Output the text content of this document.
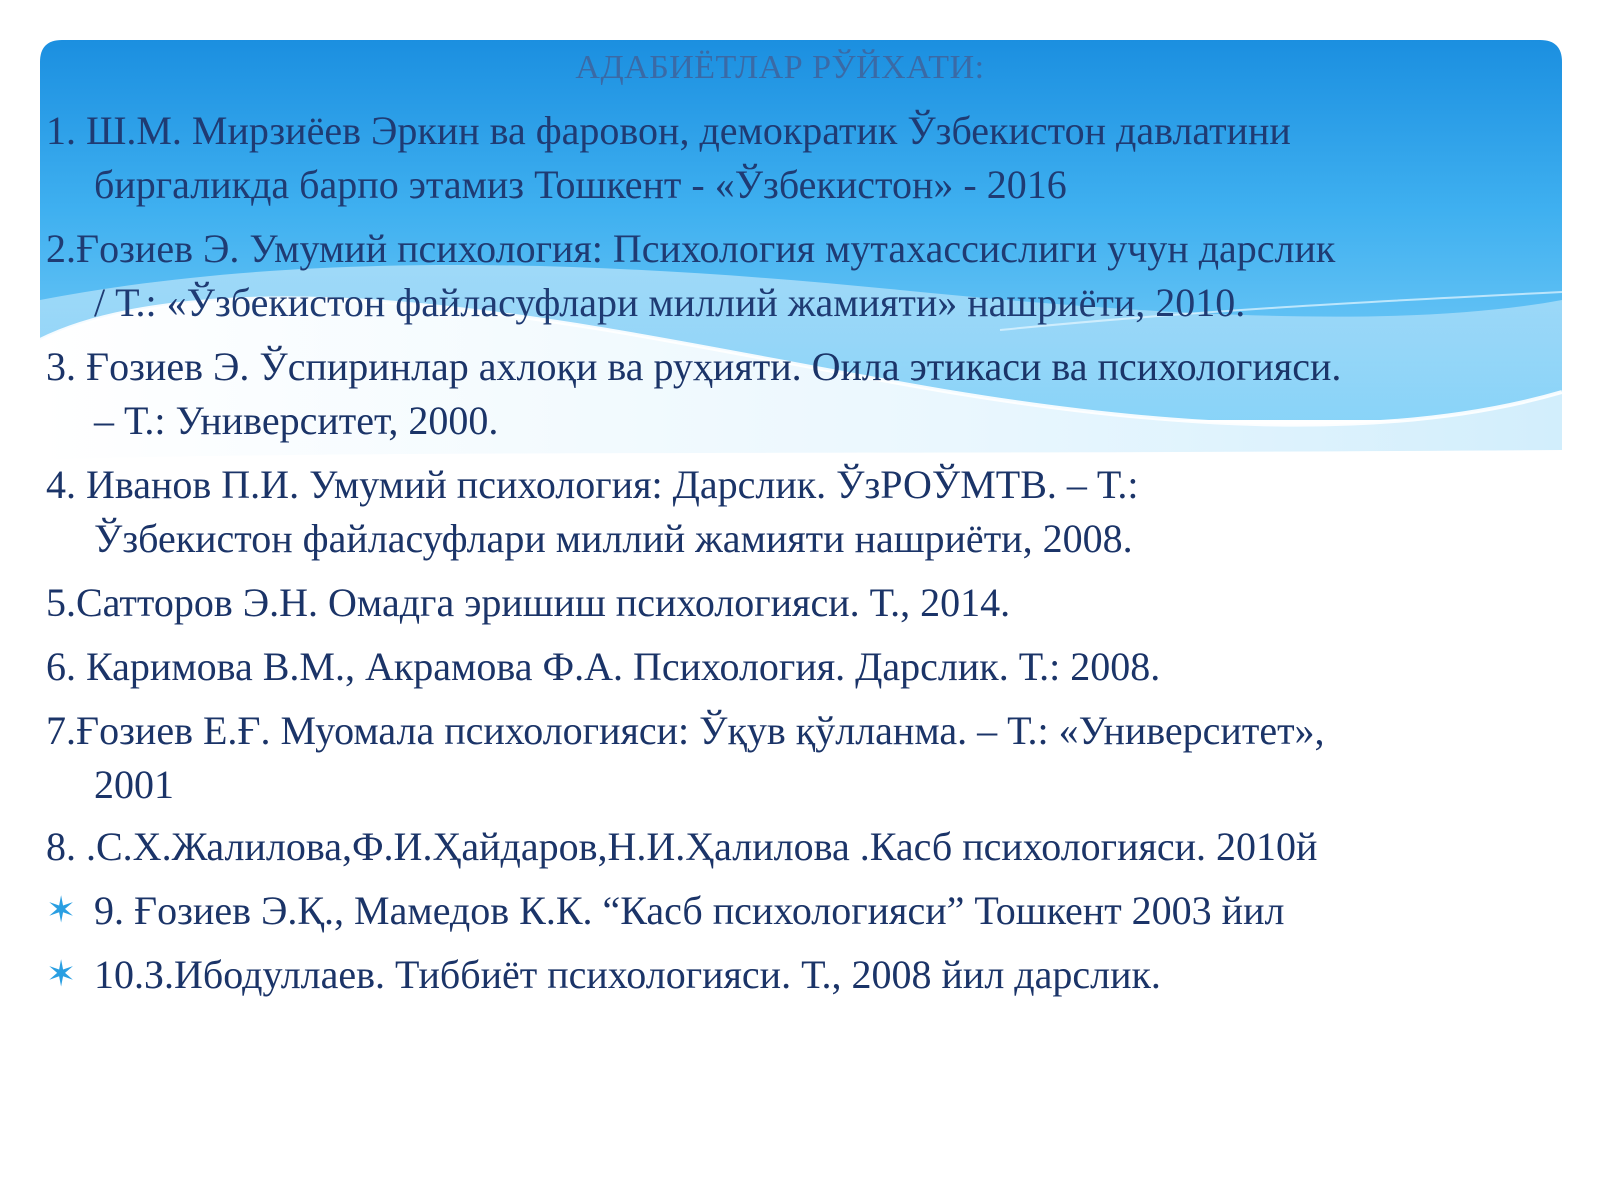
АДАБИЁТЛАР РЎЙХАТИ:
1. Ш.М. Мирзиёев Эркин ва фаровон, демократик Ўзбекистон давлатини
биргаликда барпо этамиз Тошкент - «Ўзбекистон» - 2016
2.Ғозиев Э. Умумий психология: Психология мутахассислиги учун дарслик
/ Т.: «Ўзбекистон файласуфлари миллий жамияти» нашриёти, 2010.
3. Ғозиев Э. Ўспиринлар ахлоқи ва руҳияти. Оила этикаси ва психологияси.
– Т.: Университет, 2000.
4. Иванов П.И. Умумий психология: Дарслик. ЎзРОЎМТВ. – Т.:
Ўзбекистон файласуфлари миллий жамияти нашриёти, 2008.
5.Сатторов Э.Н. Омадга эришиш психологияси. Т., 2014.
6. Каримова В.М., Акрамова Ф.А. Психология. Дарслик. Т.: 2008.
7.Ғозиев Е.Ғ. Муомала психологияси: Ўқув қўлланма. – Т.: «Университет»,
2001
8. .С.Х.Жалилова,Ф.И.Ҳайдаров,Н.И.Ҳалилова .Касб психологияси. 2010й
✶ 9. Ғозиев Э.Қ., Мамедов К.К. “Касб психологияси” Тошкент 2003 йил
✶ 10.З.Ибодуллаев. Тиббиёт психологияси. Т., 2008 йил дарслик.
